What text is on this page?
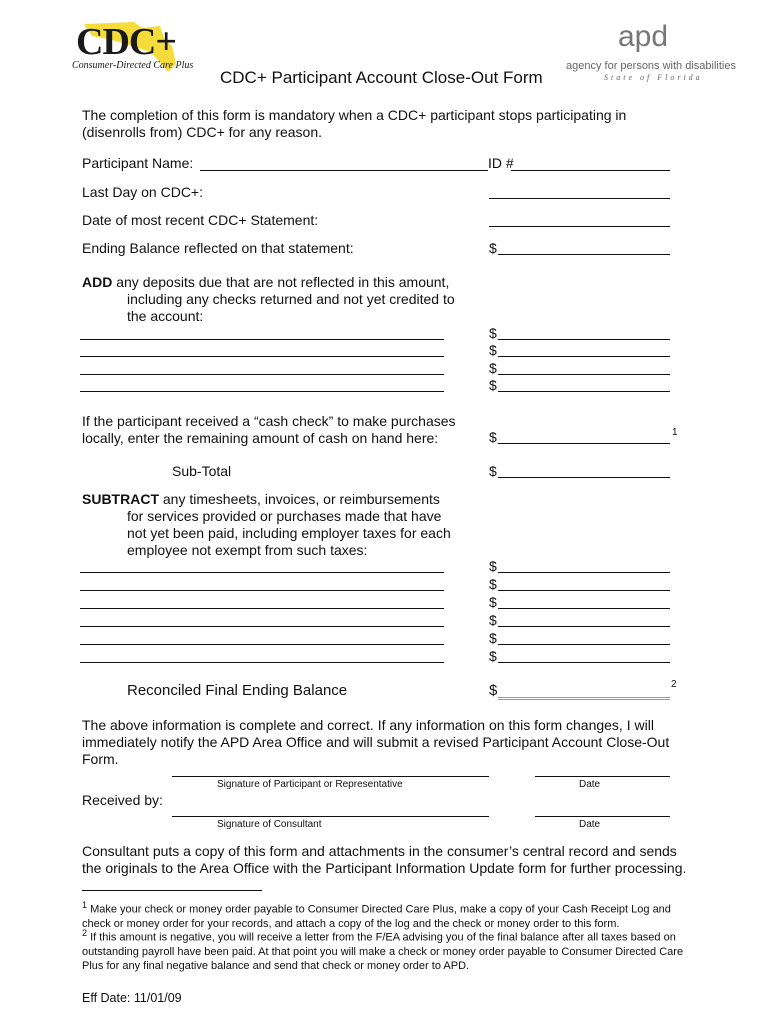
CDC+
Consumer-Directed Care Plus
apd
agency for persons with disabilities
State of Florida
CDC+ Participant Account Close-Out Form
The completion of this form is mandatory when a CDC+ participant stops participating in (disenrolls from) CDC+ for any reason.
Participant Name:	ID #
Last Day on CDC+:
Date of most recent CDC+ Statement:
Ending Balance reflected on that statement:	$
ADD any deposits due that are not reflected in this amount,
including any checks returned and not yet credited to
the account:
$
$
$
$
If the participant received a “cash check” to make purchases
locally, enter the remaining amount of cash on hand here:	$	1
Sub-Total	$
SUBTRACT any timesheets, invoices, or reimbursements
for services provided or purchases made that have
not yet been paid, including employer taxes for each
employee not exempt from such taxes:
$
$
$
$
$
$
Reconciled Final Ending Balance	$	2
The above information is complete and correct. If any information on this form changes, I will immediately notify the APD Area Office and will submit a revised Participant Account Close-Out Form.
Signature of Participant or Representative	Date
Received by:
Signature of Consultant	Date
Consultant puts a copy of this form and attachments in the consumer’s central record and sends the originals to the Area Office with the Participant Information Update form for further processing.
$^1$ Make your check or money order payable to Consumer Directed Care Plus, make a copy of your Cash Receipt Log and check or money order for your records, and attach a copy of the log and the check or money order to this form.
$^2$ If this amount is negative, you will receive a letter from the F/EA advising you of the final balance after all taxes based on outstanding payroll have been paid. At that point you will make a check or money order payable to Consumer Directed Care Plus for any final negative balance and send that check or money order to APD.
Eff Date: 11/01/09
